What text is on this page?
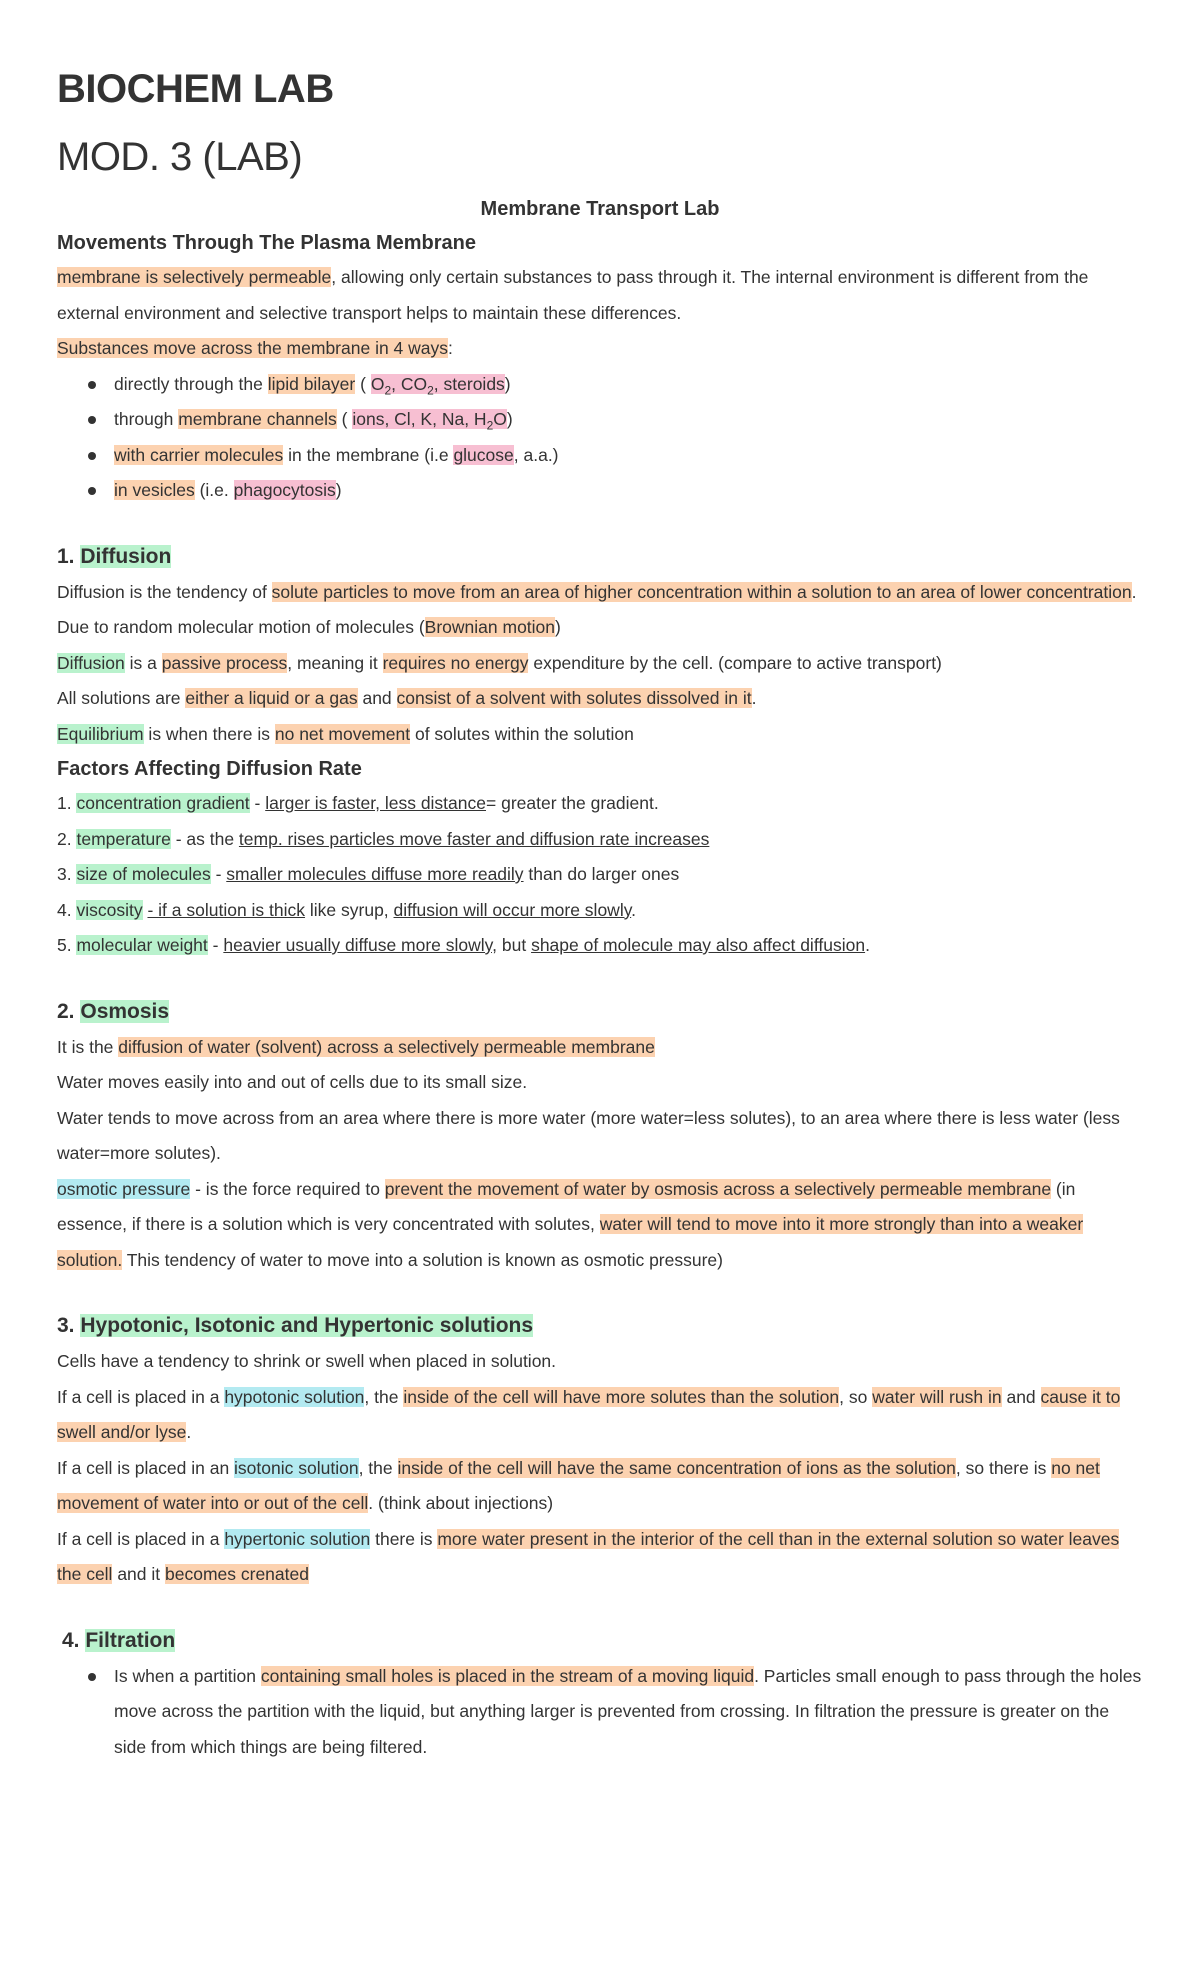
BIOCHEM LAB
MOD. 3 (LAB)
Membrane Transport Lab
Movements Through The Plasma Membrane

membrane is selectively permeable, allowing only certain substances to pass through it. The internal environment is different from the external environment and selective transport helps to maintain these differences.

Substances move across the membrane in 4 ways:

directly through the lipid bilayer ( $O_2$, $CO_2$, steroids)
through membrane channels ( ions, Cl, K, Na, $H_2O$)
with carrier molecules in the membrane (i.e glucose, a.a.)
in vesicles (i.e. phagocytosis)
1. Diffusion

Diffusion is the tendency of solute particles to move from an area of higher concentration within a solution to an area of lower concentration.

Due to random molecular motion of molecules (Brownian motion)

Diffusion is a passive process, meaning it requires no energy expenditure by the cell. (compare to active transport)

All solutions are either a liquid or a gas and consist of a solvent with solutes dissolved in it.

Equilibrium is when there is no net movement of solutes within the solution

Factors Affecting Diffusion Rate

1. concentration gradient - larger is faster, less distance= greater the gradient.

2. temperature - as the temp. rises particles move faster and diffusion rate increases

3. size of molecules - smaller molecules diffuse more readily than do larger ones

4. viscosity - if a solution is thick like syrup, diffusion will occur more slowly.

5. molecular weight - heavier usually diffuse more slowly, but shape of molecule may also affect diffusion.

2. Osmosis

It is the diffusion of water (solvent) across a selectively permeable membrane

Water moves easily into and out of cells due to its small size.

Water tends to move across from an area where there is more water (more water=less solutes), to an area where there is less water (less water=more solutes).

osmotic pressure - is the force required to prevent the movement of water by osmosis across a selectively permeable membrane (in essence, if there is a solution which is very concentrated with solutes, water will tend to move into it more strongly than into a weaker solution. This tendency of water to move into a solution is known as osmotic pressure)

3. Hypotonic, Isotonic and Hypertonic solutions

Cells have a tendency to shrink or swell when placed in solution.

If a cell is placed in a hypotonic solution, the inside of the cell will have more solutes than the solution, so water will rush in and cause it to swell and/or lyse.

If a cell is placed in an isotonic solution, the inside of the cell will have the same concentration of ions as the solution, so there is no net movement of water into or out of the cell. (think about injections)

If a cell is placed in a hypertonic solution there is more water present in the interior of the cell than in the external solution so water leaves the cell and it becomes crenated

4. Filtration
Is when a partition containing small holes is placed in the stream of a moving liquid. Particles small enough to pass through the holes move across the partition with the liquid, but anything larger is prevented from crossing. In filtration the pressure is greater on the side from which things are being filtered.
